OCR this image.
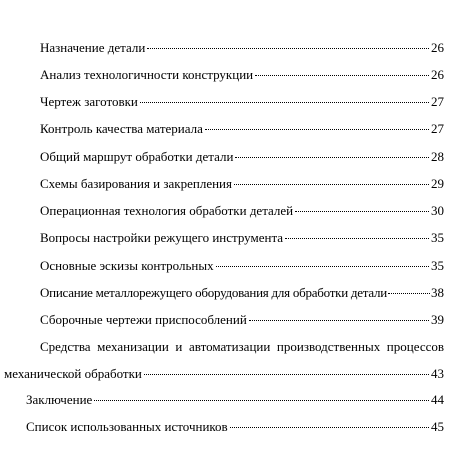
Назначение детали	26
Анализ технологичности конструкции	26
Чертеж заготовки	27
Контроль качества материала	27
Общий маршрут обработки детали	28
Схемы базирования и закрепления	29
Операционная технология обработки деталей	30
Вопросы настройки режущего инструмента	35
Основные эскизы контрольных	35
Описание металлорежущего оборудования для обработки детали	38
Сборочные чертежи приспособлений	39
Средства механизации и автоматизации производственных процессов
механической обработки	43
Заключение	44
Список использованных источников	45
